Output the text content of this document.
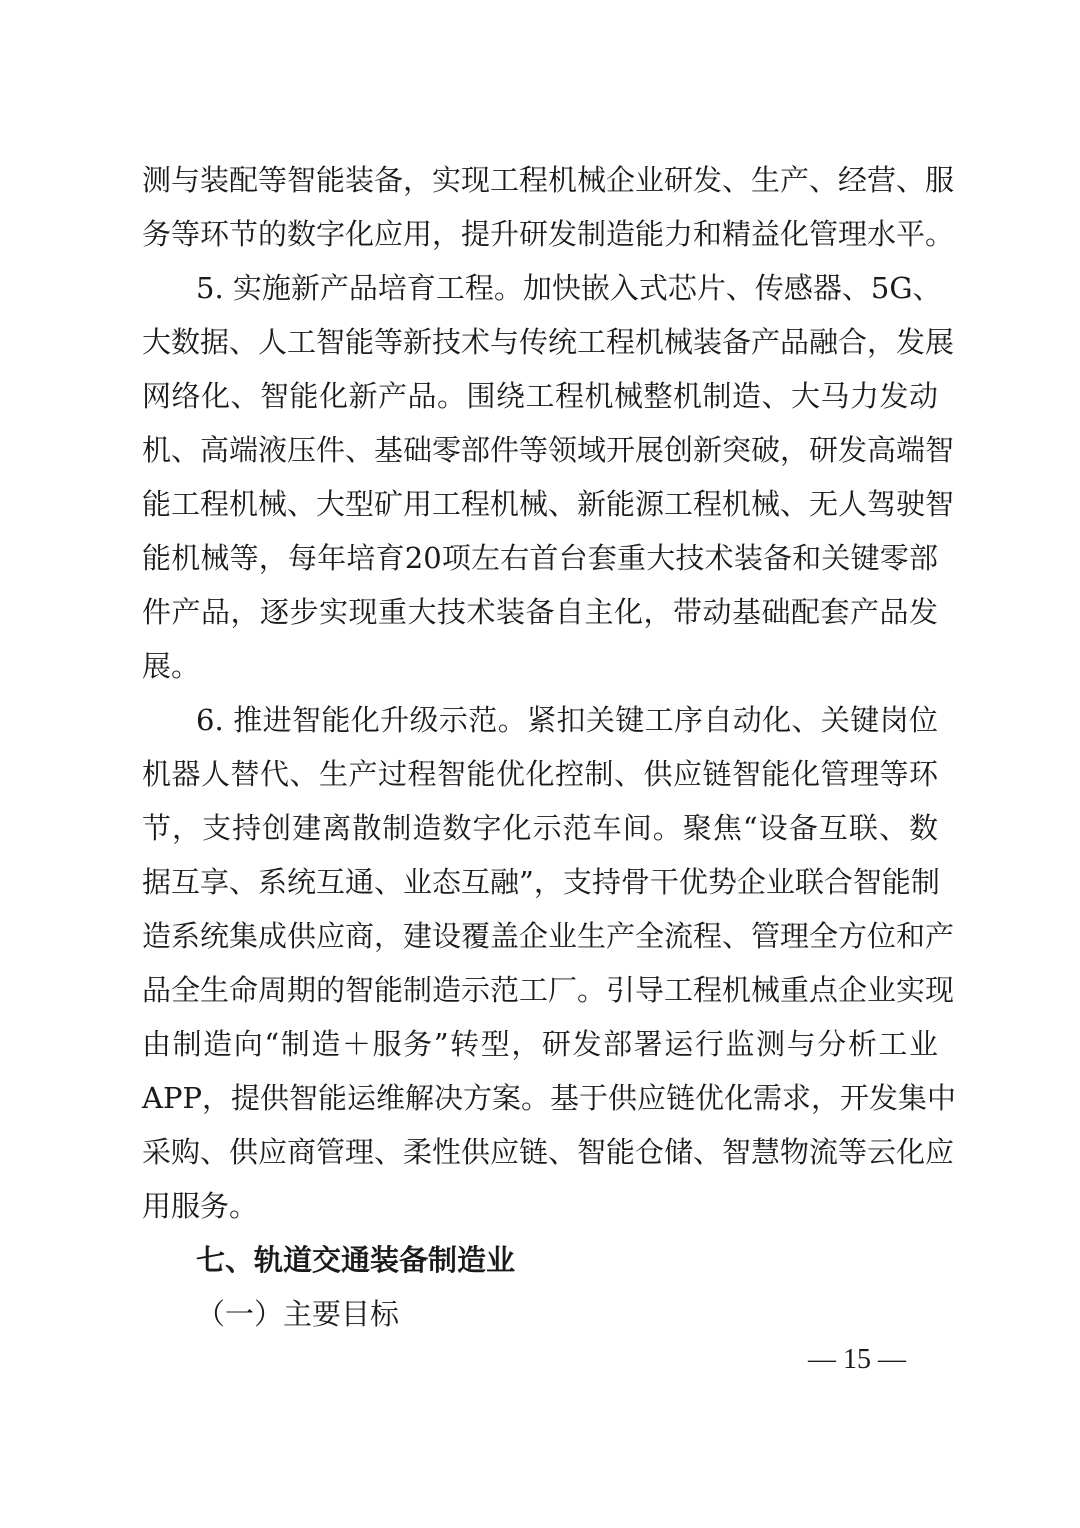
测与装配等智能装备，实现工程机械企业研发、生产、经营、服
务等环节的数字化应用，提升研发制造能力和精益化管理水平。
5. 实施新产品培育工程。加快嵌入式芯片、传感器、5G、
大数据、人工智能等新技术与传统工程机械装备产品融合，发展
网络化、智能化新产品。围绕工程机械整机制造、大马力发动
机、高端液压件、基础零部件等领域开展创新突破，研发高端智
能工程机械、大型矿用工程机械、新能源工程机械、无人驾驶智
能机械等，每年培育20项左右首台套重大技术装备和关键零部
件产品，逐步实现重大技术装备自主化，带动基础配套产品发
展。
6. 推进智能化升级示范。紧扣关键工序自动化、关键岗位
机器人替代、生产过程智能优化控制、供应链智能化管理等环
节，支持创建离散制造数字化示范车间。聚焦“设备互联、数
据互享、系统互通、业态互融”，支持骨干优势企业联合智能制
造系统集成供应商，建设覆盖企业生产全流程、管理全方位和产
品全生命周期的智能制造示范工厂。引导工程机械重点企业实现
由制造向“制造＋服务”转型，研发部署运行监测与分析工业
APP，提供智能运维解决方案。基于供应链优化需求，开发集中
采购、供应商管理、柔性供应链、智能仓储、智慧物流等云化应
用服务。
七、轨道交通装备制造业
（一）主要目标
— 15 —
